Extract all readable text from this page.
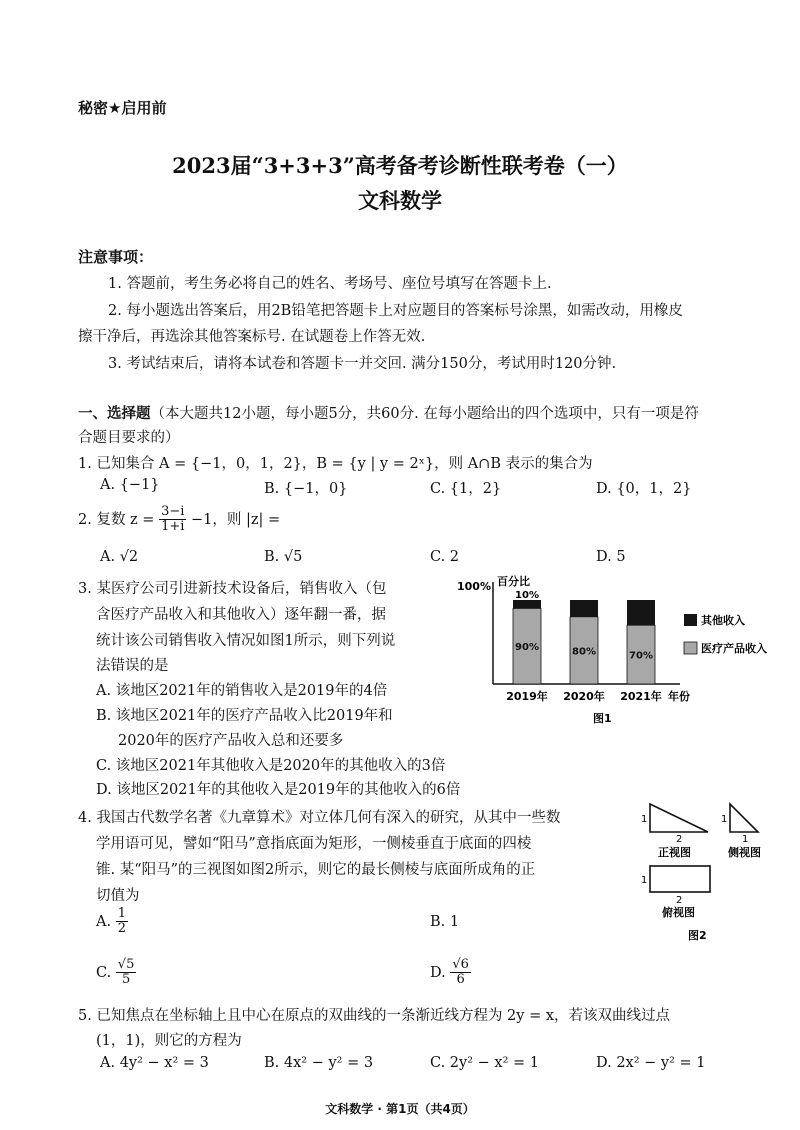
秘密★启用前
2023届“3+3+3”高考备考诊断性联考卷（一）
文科数学
注意事项：
1. 答题前，考生务必将自己的姓名、考场号、座位号填写在答题卡上.
2. 每小题选出答案后，用2B铅笔把答题卡上对应题目的答案标号涂黑，如需改动，用橡皮
擦干净后，再选涂其他答案标号. 在试题卷上作答无效.
3. 考试结束后，请将本试卷和答题卡一并交回. 满分150分，考试用时120分钟.
一、选择题（本大题共12小题，每小题5分，共60分. 在每小题给出的四个选项中，只有一项是符
合题目要求的）
1. 已知集合 A = {−1，0，1，2}，B = {y | y = 2ˣ}，则 A∩B 表示的集合为
A. {−1}	B. {−1，0}	C. {1，2}	D. {0，1，2}
2. 复数 $z = \frac{3-i}{1+i} -1$，则 |z| =
A. √2	B. √5	C. 2	D. 5
3. 某医疗公司引进新技术设备后，销售收入（包
含医疗产品收入和其他收入）逐年翻一番，据
统计该公司销售收入情况如图1所示，则下列说
法错误的是
A. 该地区2021年的销售收入是2019年的4倍
B. 该地区2021年的医疗产品收入比2019年和
2020年的医疗产品收入总和还要多
C. 该地区2021年其他收入是2020年的其他收入的3倍
D. 该地区2021年的其他收入是2019年的其他收入的6倍
100% 百分比
90%
10%
80%	70%
2019年 2020年 2021年 年份
其他收入
医疗产品收入
图1
4. 我国古代数学名著《九章算术》对立体几何有深入的研究，从其中一些数
学用语可见，譬如“阳马”意指底面为矩形，一侧棱垂直于底面的四棱
锥. 某“阳马”的三视图如图2所示，则它的最长侧棱与底面所成角的正
切值为
A. $\frac{1}{2}$	B. 1
C. $\frac{√5}{5}$	D. $\frac{√6}{6}$
1
2
正视图
1
1
侧视图
1
2
俯视图
图2
5. 已知焦点在坐标轴上且中心在原点的双曲线的一条渐近线方程为 2y = x，若该双曲线过点
(1，1)，则它的方程为
A. 4y² − x² = 3	B. 4x² − y² = 3	C. 2y² − x² = 1	D. 2x² − y² = 1
文科数学 · 第1页（共4页）
